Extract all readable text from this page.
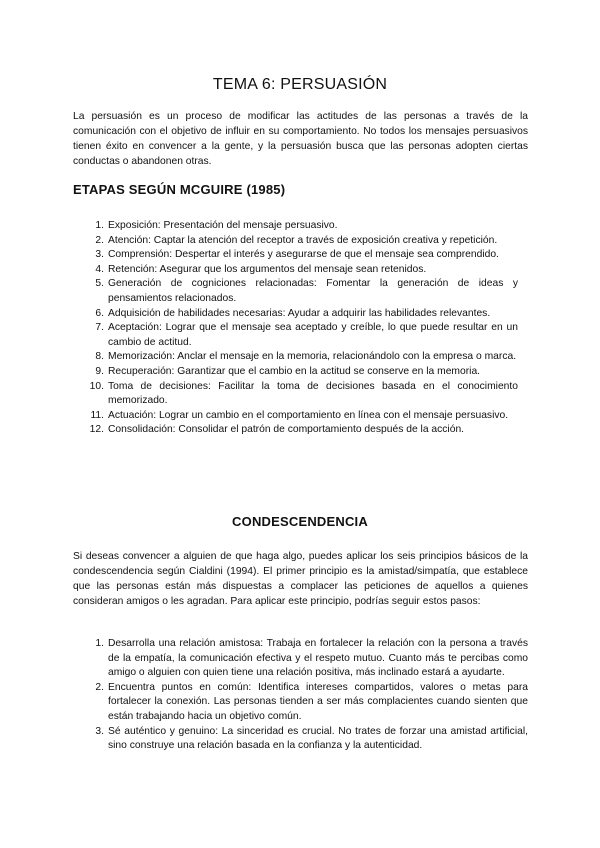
TEMA 6: PERSUASIÓN
La persuasión es un proceso de modificar las actitudes de las personas a través de la comunicación con el objetivo de influir en su comportamiento. No todos los mensajes persuasivos tienen éxito en convencer a la gente, y la persuasión busca que las personas adopten ciertas conductas o abandonen otras.
ETAPAS SEGÚN MCGUIRE (1985)
1. Exposición: Presentación del mensaje persuasivo.
2. Atención: Captar la atención del receptor a través de exposición creativa y repetición.
3. Comprensión: Despertar el interés y asegurarse de que el mensaje sea comprendido.
4. Retención: Asegurar que los argumentos del mensaje sean retenidos.
5. Generación de cogniciones relacionadas: Fomentar la generación de ideas y pensamientos relacionados.
6. Adquisición de habilidades necesarias: Ayudar a adquirir las habilidades relevantes.
7. Aceptación: Lograr que el mensaje sea aceptado y creíble, lo que puede resultar en un cambio de actitud.
8. Memorización: Anclar el mensaje en la memoria, relacionándolo con la empresa o marca.
9. Recuperación: Garantizar que el cambio en la actitud se conserve en la memoria.
10. Toma de decisiones: Facilitar la toma de decisiones basada en el conocimiento memorizado.
11. Actuación: Lograr un cambio en el comportamiento en línea con el mensaje persuasivo.
12. Consolidación: Consolidar el patrón de comportamiento después de la acción.
CONDESCENDENCIA
Si deseas convencer a alguien de que haga algo, puedes aplicar los seis principios básicos de la condescendencia según Cialdini (1994). El primer principio es la amistad/simpatía, que establece que las personas están más dispuestas a complacer las peticiones de aquellos a quienes consideran amigos o les agradan. Para aplicar este principio, podrías seguir estos pasos:
1. Desarrolla una relación amistosa: Trabaja en fortalecer la relación con la persona a través de la empatía, la comunicación efectiva y el respeto mutuo. Cuanto más te percibas como amigo o alguien con quien tiene una relación positiva, más inclinado estará a ayudarte.
2. Encuentra puntos en común: Identifica intereses compartidos, valores o metas para fortalecer la conexión. Las personas tienden a ser más complacientes cuando sienten que están trabajando hacia un objetivo común.
3. Sé auténtico y genuino: La sinceridad es crucial. No trates de forzar una amistad artificial, sino construye una relación basada en la confianza y la autenticidad.
